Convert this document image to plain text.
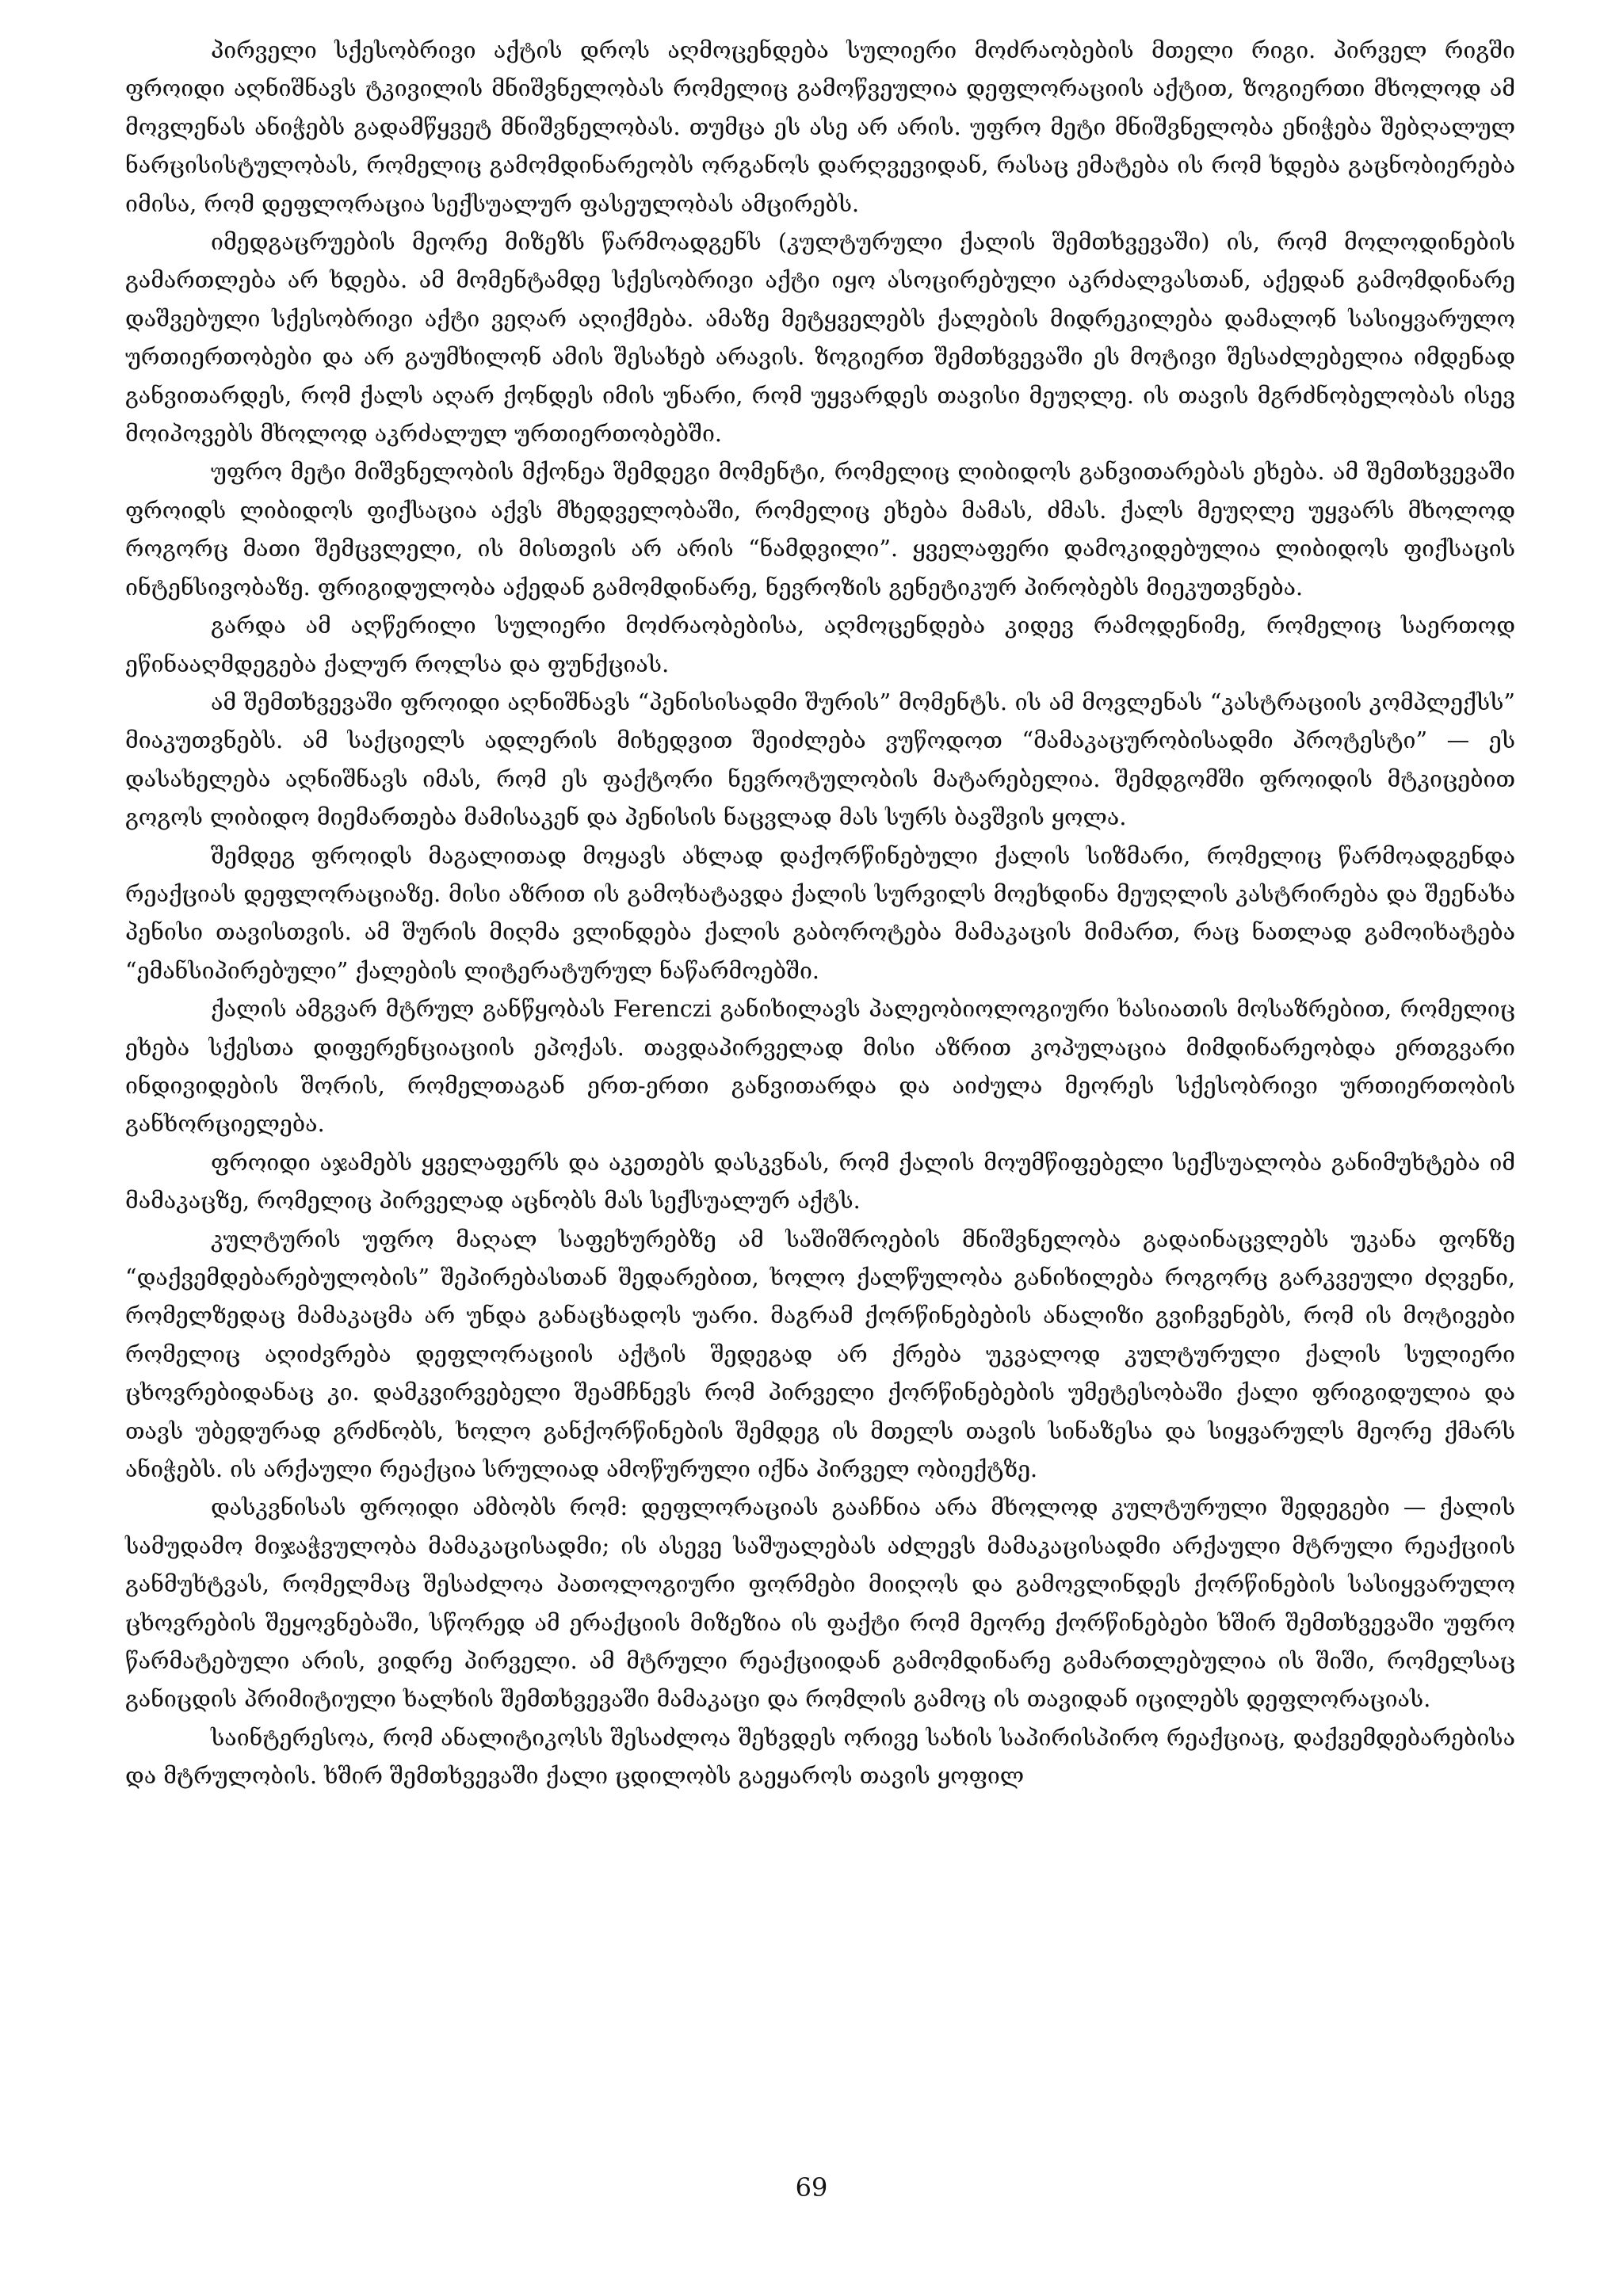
პირველი სქესობრივი აქტის დროს აღმოცენდება სულიერი მოძრაობების მთელი რიგი. პირველ რიგში ფროიდი აღნიშნავს ტკივილის მნიშვნელობას რომელიც გამოწვეულია დეფლორაციის აქტით, ზოგიერთი მხოლოდ ამ მოვლენას ანიჭებს გადამწყვეტ მნიშვნელობას. თუმცა ეს ასე არ არის. უფრო მეტი მნიშვნელობა ენიჭება შებღალულ ნარცისისტულობას, რომელიც გამომდინარეობს ორგანოს დარღვევიდან, რასაც ემატება ის რომ ხდება გაცნობიერება იმისა, რომ დეფლორაცია სექსუალურ ფასეულობას ამცირებს.

იმედგაცრუების მეორე მიზეზს წარმოადგენს (კულტურული ქალის შემთხვევაში) ის, რომ მოლოდინების გამართლება არ ხდება. ამ მომენტამდე სქესობრივი აქტი იყო ასოცირებული აკრძალვასთან, აქედან გამომდინარე დაშვებული სქესობრივი აქტი ვეღარ აღიქმება. ამაზე მეტყველებს ქალების მიდრეკილება დამალონ სასიყვარულო ურთიერთობები და არ გაუმხილონ ამის შესახებ არავის. ზოგიერთ შემთხვევაში ეს მოტივი შესაძლებელია იმდენად განვითარდეს, რომ ქალს აღარ ქონდეს იმის უნარი, რომ უყვარდეს თავისი მეუღლე. ის თავის მგრძნობელობას ისევ მოიპოვებს მხოლოდ აკრძალულ ურთიერთობებში.

უფრო მეტი მიშვნელობის მქონეა შემდეგი მომენტი, რომელიც ლიბიდოს განვითარებას ეხება. ამ შემთხვევაში ფროიდს ლიბიდოს ფიქსაცია აქვს მხედველობაში, რომელიც ეხება მამას, ძმას. ქალს მეუღლე უყვარს მხოლოდ როგორც მათი შემცვლელი, ის მისთვის არ არის “ნამდვილი”. ყველაფერი დამოკიდებულია ლიბიდოს ფიქსაცის ინტენსივობაზე. ფრიგიდულობა აქედან გამომდინარე, ნევროზის გენეტიკურ პირობებს მიეკუთვნება.

გარდა ამ აღწერილი სულიერი მოძრაობებისა, აღმოცენდება კიდევ რამოდენიმე, რომელიც საერთოდ ეწინააღმდეგება ქალურ როლსა და ფუნქციას.

ამ შემთხვევაში ფროიდი აღნიშნავს “პენისისადმი შურის” მომენტს. ის ამ მოვლენას “კასტრაციის კომპლექსს” მიაკუთვნებს. ამ საქციელს ადლერის მიხედვით შეიძლება ვუწოდოთ “მამაკაცურობისადმი პროტესტი” — ეს დასახელება აღნიშნავს იმას, რომ ეს ფაქტორი ნევროტულობის მატარებელია. შემდგომში ფროიდის მტკიცებით გოგოს ლიბიდო მიემართება მამისაკენ და პენისის ნაცვლად მას სურს ბავშვის ყოლა.

შემდეგ ფროიდს მაგალითად მოყავს ახლად დაქორწინებული ქალის სიზმარი, რომელიც წარმოადგენდა რეაქციას დეფლორაციაზე. მისი აზრით ის გამოხატავდა ქალის სურვილს მოეხდინა მეუღლის კასტრირება და შეენახა პენისი თავისთვის. ამ შურის მიღმა ვლინდება ქალის გაბოროტება მამაკაცის მიმართ, რაც ნათლად გამოიხატება “ემანსიპირებული” ქალების ლიტერატურულ ნაწარმოებში.

ქალის ამგვარ მტრულ განწყობას Ferenczi განიხილავს პალეობიოლოგიური ხასიათის მოსაზრებით, რომელიც ეხება სქესთა დიფერენციაციის ეპოქას. თავდაპირველად მისი აზრით კოპულაცია მიმდინარეობდა ერთგვარი ინდივიდების შორის, რომელთაგან ერთ-ერთი განვითარდა და აიძულა მეორეს სქესობრივი ურთიერთობის განხორციელება.

ფროიდი აჯამებს ყველაფერს და აკეთებს დასკვნას, რომ ქალის მოუმწიფებელი სექსუალობა განიმუხტება იმ მამაკაცზე, რომელიც პირველად აცნობს მას სექსუალურ აქტს.

კულტურის უფრო მაღალ საფეხურებზე ამ საშიშროების მნიშვნელობა გადაინაცვლებს უკანა ფონზე “დაქვემდებარებულობის” შეპირებასთან შედარებით, ხოლო ქალწულობა განიხილება როგორც გარკვეული ძღვენი, რომელზედაც მამაკაცმა არ უნდა განაცხადოს უარი. მაგრამ ქორწინებების ანალიზი გვიჩვენებს, რომ ის მოტივები რომელიც აღიძვრება დეფლორაციის აქტის შედეგად არ ქრება უკვალოდ კულტურული ქალის სულიერი ცხოვრებიდანაც კი. დამკვირვებელი შეამჩნევს რომ პირველი ქორწინებების უმეტესობაში ქალი ფრიგიდულია და თავს უბედურად გრძნობს, ხოლო განქორწინების შემდეგ ის მთელს თავის სინაზესა და სიყვარულს მეორე ქმარს ანიჭებს. ის არქაული რეაქცია სრულიად ამოწურული იქნა პირველ ობიექტზე.

დასკვნისას ფროიდი ამბობს რომ: დეფლორაციას გააჩნია არა მხოლოდ კულტურული შედეგები — ქალის სამუდამო მიჯაჭვულობა მამაკაცისადმი; ის ასევე საშუალებას აძლევს მამაკაცისადმი არქაული მტრული რეაქციის განმუხტვას, რომელმაც შესაძლოა პათოლოგიური ფორმები მიიღოს და გამოვლინდეს ქორწინების სასიყვარულო ცხოვრების შეყოვნებაში, სწორედ ამ ერაქციის მიზეზია ის ფაქტი რომ მეორე ქორწინებები ხშირ შემთხვევაში უფრო წარმატებული არის, ვიდრე პირველი. ამ მტრული რეაქციიდან გამომდინარე გამართლებულია ის შიში, რომელსაც განიცდის პრიმიტიული ხალხის შემთხვევაში მამაკაცი და რომლის გამოც ის თავიდან იცილებს დეფლორაციას.

საინტერესოა, რომ ანალიტიკოსს შესაძლოა შეხვდეს ორივე სახის საპირისპირო რეაქციაც, დაქვემდებარებისა და მტრულობის. ხშირ შემთხვევაში ქალი ცდილობს გაეყაროს თავის ყოფილ

69
